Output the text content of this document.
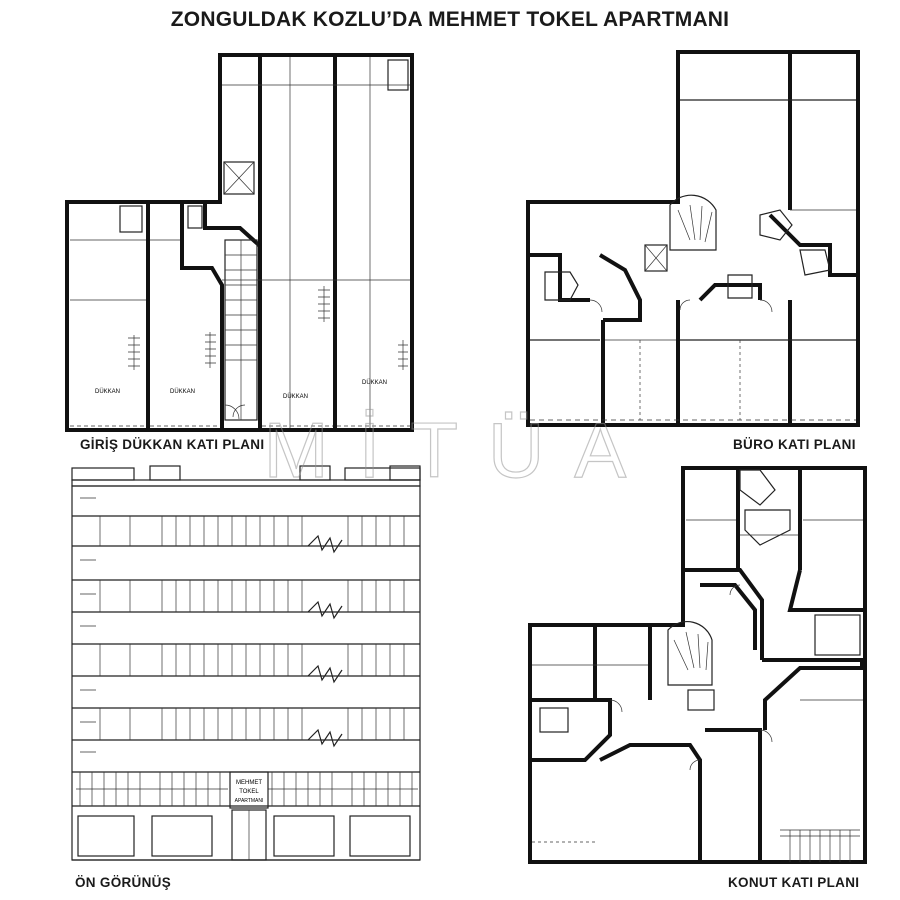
ZONGULDAK KOZLU’DA MEHMET TOKEL APARTMANI
DÜKKAN	DÜKKAN
DÜKKAN
DÜKKAN
MEHMET
TOKEL
APARTMANI
MİTÜA
GİRİŞ DÜKKAN KATI PLANI	BÜRO KATI PLANI
ÖN GÖRÜNÜŞ	KONUT KATI PLANI
